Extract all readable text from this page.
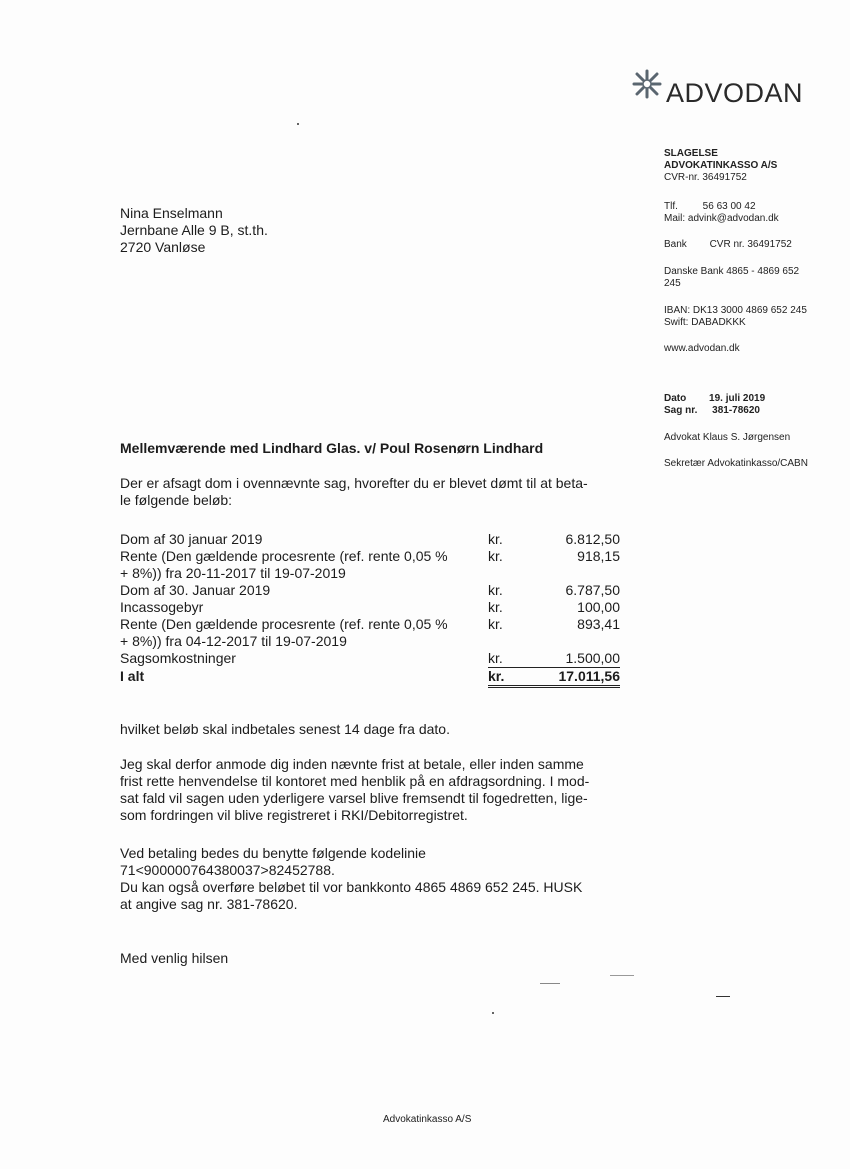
ADVODAN
SLAGELSE
ADVOKATINKASSO A/S
CVR-nr. 36491752
Tlf. 56 63 00 42
Mail: advink@advodan.dk
Bank CVR nr. 36491752
Danske Bank 4865 - 4869 652
245
IBAN: DK13 3000 4869 652 245
Swift: DABADKKK
www.advodan.dk
Dato 19. juli 2019
Sag nr. 381-78620
Advokat Klaus S. Jørgensen
Sekretær Advokatinkasso/CABN
Nina Enselmann
Jernbane Alle 9 B, st.th.
2720 Vanløse
Mellemværende med Lindhard Glas. v/ Poul Rosenørn Lindhard
Der er afsagt dom i ovennævnte sag, hvorefter du er blevet dømt til at beta-
le følgende beløb:
Dom af 30 januar 2019	kr.	6.812,50
Rente (Den gældende procesrente (ref. rente 0,05 %	kr.	918,15
+ 8%)) fra 20-11-2017 til 19-07-2019
Dom af 30. Januar 2019	kr.	6.787,50
Incassogebyr	kr.	100,00
Rente (Den gældende procesrente (ref. rente 0,05 %	kr.	893,41
+ 8%)) fra 04-12-2017 til 19-07-2019
Sagsomkostninger	kr.	1.500,00
I alt	kr.	17.011,56
hvilket beløb skal indbetales senest 14 dage fra dato.
Jeg skal derfor anmode dig inden nævnte frist at betale, eller inden samme
frist rette henvendelse til kontoret med henblik på en afdragsordning. I mod-
sat fald vil sagen uden yderligere varsel blive fremsendt til fogedretten, lige-
som fordringen vil blive registreret i RKI/Debitorregistret.
Ved betaling bedes du benytte følgende kodelinie
71<900000764380037>82452788.
Du kan også overføre beløbet til vor bankkonto 4865 4869 652 245. HUSK
at angive sag nr. 381-78620.
Med venlig hilsen
Advokatinkasso A/S
